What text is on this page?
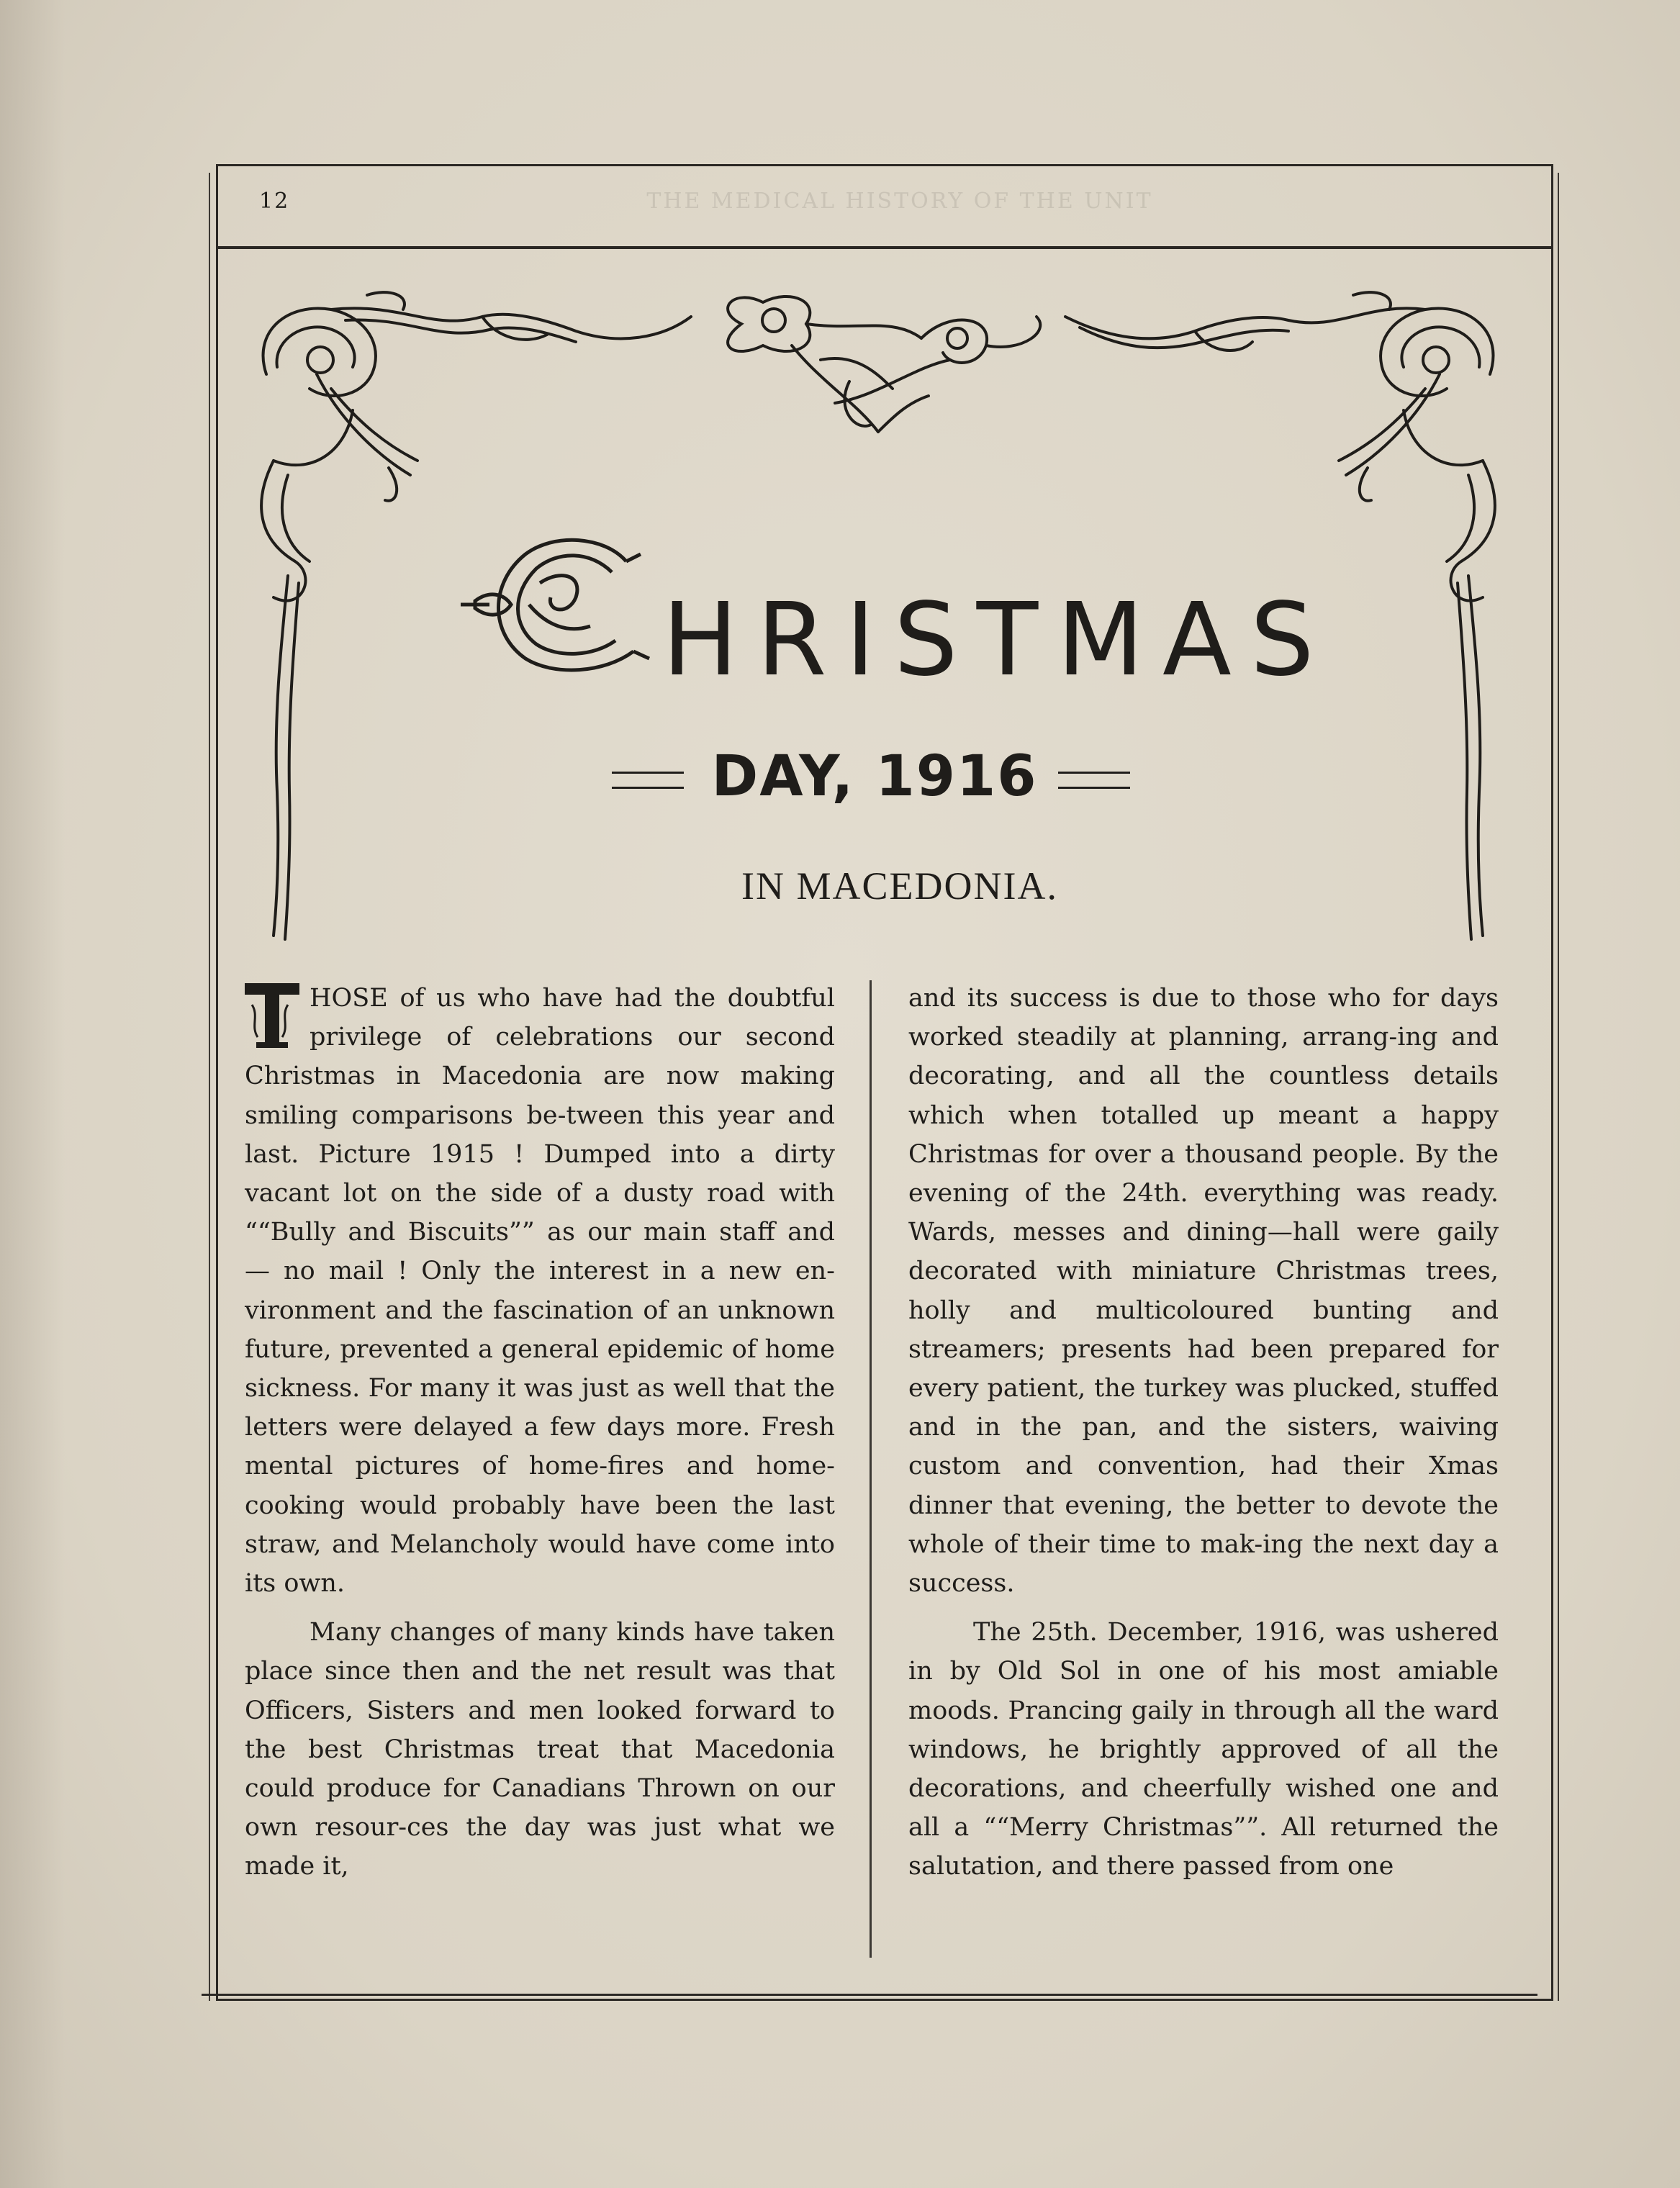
12	THE MEDICAL HISTORY OF THE UNIT
HRISTMAS
DAY, 1916
IN MACEDONIA.

HOSE of us who have had the doubtful privilege of celebrations our second Christmas in Macedonia are now making smiling comparisons be-tween this year and last. Picture 1915 ! Dumped into a dirty vacant lot on the side of a dusty road with ““Bully and Biscuits”” as our main staff and — no mail ! Only the interest in a new en-vironment and the fascination of an unknown future, prevented a general epidemic of home sickness. For many it was just as well that the letters were delayed a few days more. Fresh mental pictures of home-fires and home-cooking would probably have been the last straw, and Melancholy would have come into its own.

Many changes of many kinds have taken place since then and the net result was that Officers, Sisters and men looked forward to the best Christmas treat that Macedonia could produce for Canadians Thrown on our own resour-ces the day was just what we made it,

and its success is due to those who for days worked steadily at planning, arrang-ing and decorating, and all the countless details which when totalled up meant a happy Christmas for over a thousand people. By the evening of the 24th. everything was ready. Wards, messes and dining—hall were gaily decorated with miniature Christmas trees, holly and multicoloured bunting and streamers; presents had been prepared for every patient, the turkey was plucked, stuffed and in the pan, and the sisters, waiving custom and convention, had their Xmas dinner that evening, the better to devote the whole of their time to mak-ing the next day a success.

The 25th. December, 1916, was ushered in by Old Sol in one of his most amiable moods. Prancing gaily in through all the ward windows, he brightly approved of all the decorations, and cheerfully wished one and all a ““Merry Christmas””. All returned the salutation, and there passed from one
